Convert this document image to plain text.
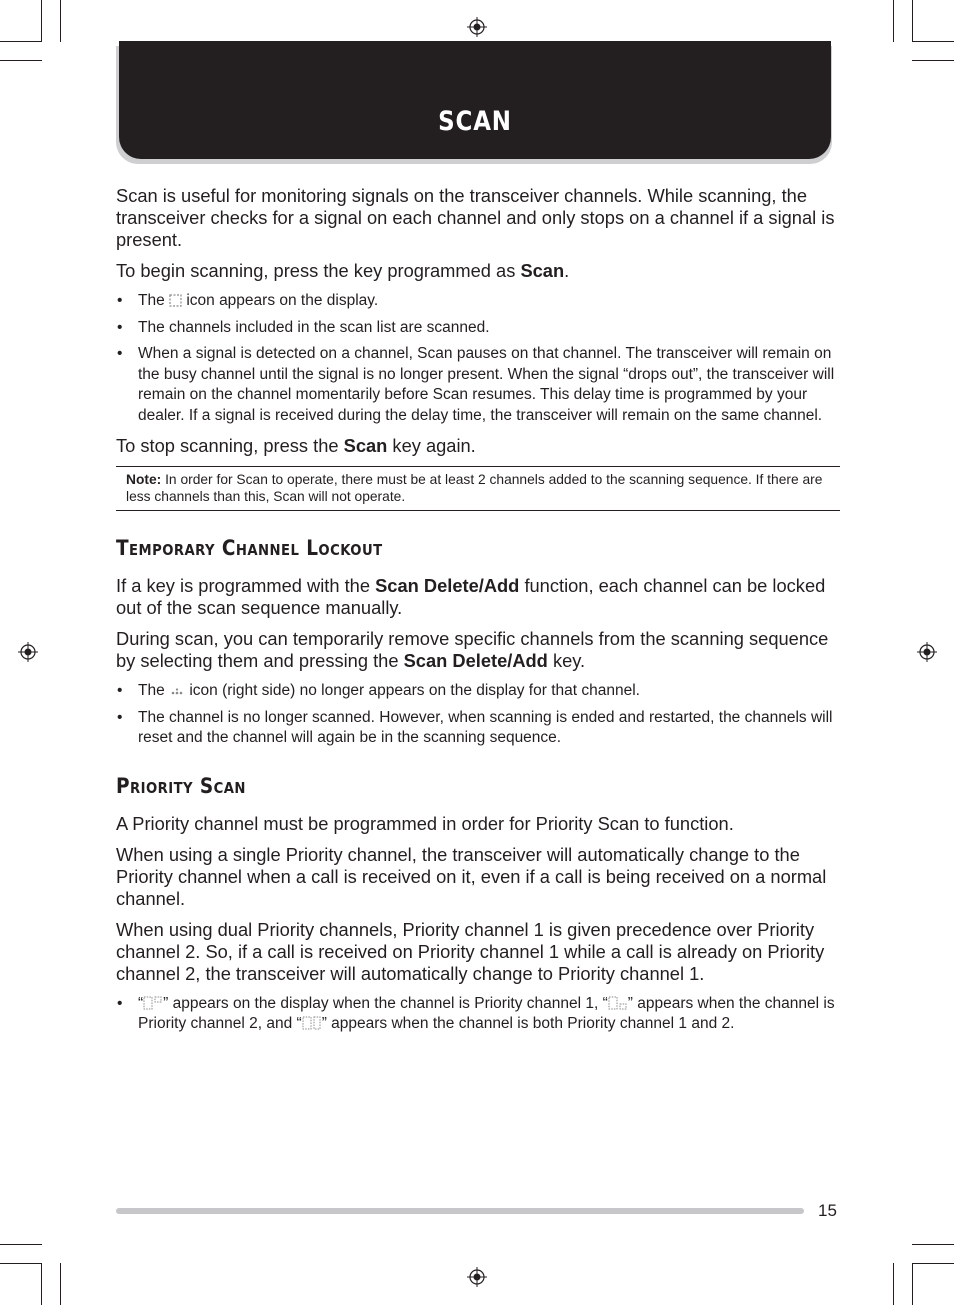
SCAN

Scan is useful for monitoring signals on the transceiver channels. While scanning, the transceiver checks for a signal on each channel and only stops on a channel if a signal is present.

To begin scanning, press the key programmed as Scan.

• The  icon appears on the display.
• The channels included in the scan list are scanned.
• When a signal is detected on a channel, Scan pauses on that channel. The transceiver will remain on the busy channel until the signal is no longer present. When the signal “drops out”, the transceiver will remain on the channel momentarily before Scan resumes. This delay time is programmed by your dealer. If a signal is received during the delay time, the transceiver will remain on the same channel.

To stop scanning, press the Scan key again.

Note: In order for Scan to operate, there must be at least 2 channels added to the scanning sequence. If there are less channels than this, Scan will not operate.
TEMPORARY CHANNEL LOCKOUT

If a key is programmed with the Scan Delete/Add function, each channel can be locked out of the scan sequence manually.

During scan, you can temporarily remove specific channels from the scanning sequence by selecting them and pressing the Scan Delete/Add key.

• The  icon (right side) no longer appears on the display for that channel.
• The channel is no longer scanned. However, when scanning is ended and restarted, the channels will reset and the channel will again be in the scanning sequence.
PRIORITY SCAN

A Priority channel must be programmed in order for Priority Scan to function.

When using a single Priority channel, the transceiver will automatically change to the Priority channel when a call is received on it, even if a call is being received on a normal channel.

When using dual Priority channels, Priority channel 1 is given precedence over Priority channel 2. So, if a call is received on Priority channel 1 while a call is already on Priority channel 2, the transceiver will automatically change to Priority channel 1.

• “ ” appears on the display when the channel is Priority channel 1, “ ” appears when the channel is Priority channel 2, and “ ” appears when the channel is both Priority channel 1 and 2.
15
